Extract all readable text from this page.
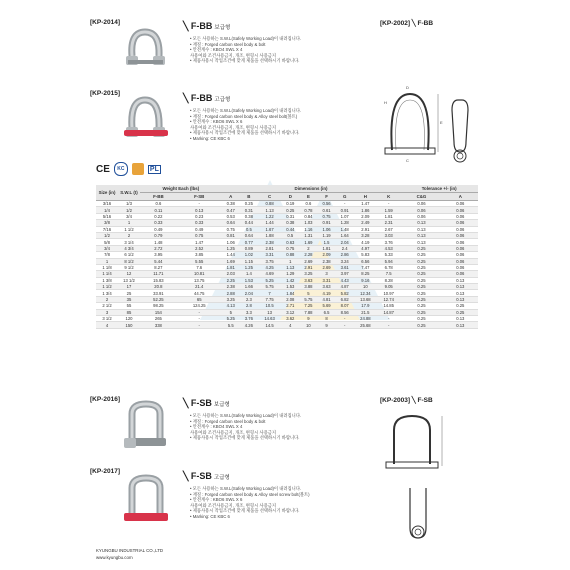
[KP-2014]	╲ F-BB 보급형
• 모든 사용하는 S.W.L(Safely Working Load)이 내려집니다.
• 재질 : Forged carbon steel body & bolt
• 안전계수 : KBO4 SWL X 4
사용여와 조건사용금지, 개조, 변형시 사용금지
• 제품사용시 작업조건에 맞게 제품을 선택하시기 바랍니다.
[KP-2015]	╲ F-BB 고급형
• 모든 사용하는 S.W.L(Safely Working Load)이 내려집니다.
• 재질 : Forged carbon steel body & Alloy steel bolt(볼트)
• 안전계수 : KBO6 SWL X 6
사용여와 조건사용금지, 개조, 변형시 사용금지
• 제품사용시 작업조건에 맞게 제품을 선택하시기 바랍니다.
• Marking: CE KBC 6
[KP-2002] ╲ F-BB
E
H
D
C
CE	KC	PL
Size (in)	S.W.L (t)	Weight Each (lbs)		Dimensions (in)									Tolerance +/- (in)	
		F-BB	F-SB	A	B	C	D	E	F	G	H	K	C&G	A
3/16	1/3	0.6	-	0.38	0.25	0.88	0.19	0.6	0.56	-	1.47	-	0.06	0.06
1/4	1/2	0.11	0.13	0.47	0.31	1.13	0.25	0.78	0.61	0.91	1.86	1.59	0.06	0.06
5/16	3/4	0.22	0.23	0.53	0.38	1.22	0.31	0.84	0.75	1.07	2.09	1.81	0.06	0.06
3/8	1	0.33	0.33	0.64	0.44	1.44	0.38	1.03	0.91	1.28	2.49	2.31	0.13	0.06
7/16	1 1/2	0.49	0.49	0.75	0.5	1.67	0.44	1.16	1.06	1.48	2.91	2.67	0.13	0.06
1/2	2	0.79	0.75	0.81	0.64	1.88	0.5	1.31	1.19	1.64	3.28	3.03	0.13	0.06
5/8	3 1/4	1.48	1.47	1.06	0.77	2.38	0.63	1.69	1.5	2.04	4.19	3.76	0.13	0.06
3/4	4 3/4	2.72	2.52	1.25	0.89	2.81	0.75	2	1.81	2.4	4.97	4.53	0.25	0.06
7/8	6 1/2	3.95	3.85	1.44	1.02	3.31	0.88	2.28	2.09	2.86	5.83	5.33	0.25	0.06
1	8 1/2	5.44	5.55	1.69	1.15	3.75	1	2.69	2.38	3.24	6.56	5.94	0.25	0.06
1 1/8	9 1/2	8.27	7.6	1.81	1.25	4.25	1.13	2.91	2.69	3.61	7.47	6.78	0.25	0.06
1 1/4	12	11.71	10.81	2.03	1.4	4.69	1.29	3.25	3	3.97	8.25	7.5	0.25	0.06
1 3/8	13 1/2	15.83	13.75	2.25	1.53	5.25	1.42	3.63	3.31	4.43	9.16	8.28	0.25	0.13
1 1/2	17	20.8	21.4	2.38	1.66	5.75	1.53	3.88	3.63	4.87	10	9.05	0.25	0.13
1 3/4	25	33.91	44.75	2.88	2.04	7	1.84	5	4.19	5.82	12.34	10.97	0.25	0.13
2	35	52.25	65	3.25	2.3	7.75	2.08	5.75	4.81	6.82	13.68	12.74	0.25	0.13
2 1/2	55	98.25	124.25	4.13	2.8	10.5	2.71	7.25	5.69	8.07	17.9	14.85	0.25	0.25
3	85	154	-	5	3.3	13	3.12	7.88	6.5	8.56	21.5	14.87	0.25	0.25
3 1/2	120	265	-	5.25	3.76	14.63	3.62	9	8	-	24.88	-	0.25	0.13
4	150	338	-	5.5	4.26	14.5	4	10	9	-	25.68	-	0.25	0.13
[KP-2016]	╲ F-SB 보급형
• 모든 사용하는 S.W.L(Safely Working Load)이 내려집니다.
• 재질 : Forged carbon steel body & bolt
• 안전계수 : KBO4 SWL X 4
사용여와 조건사용금지, 개조, 변형시 사용금지
• 제품사용시 작업조건에 맞게 제품을 선택하시기 바랍니다.
[KP-2017]	╲ F-SB 고급형
• 모든 사용하는 S.W.L(Safely Working Load)이 내려집니다.
• 재질 : Forged carbon steel body & Alloy steel screw bolt(볼트)
• 안전계수 : KBO6 SWL X 6
사용여와 조건사용금지, 개조, 변형시 사용금지
• 제품사용시 작업조건에 맞게 제품을 선택하시기 바랍니다.
• Marking: CE KBC 6
[KP-2003] ╲ F-SB
KYUNGBU INDUSTRIAL CO.,LTD
www.kyungbu.com
